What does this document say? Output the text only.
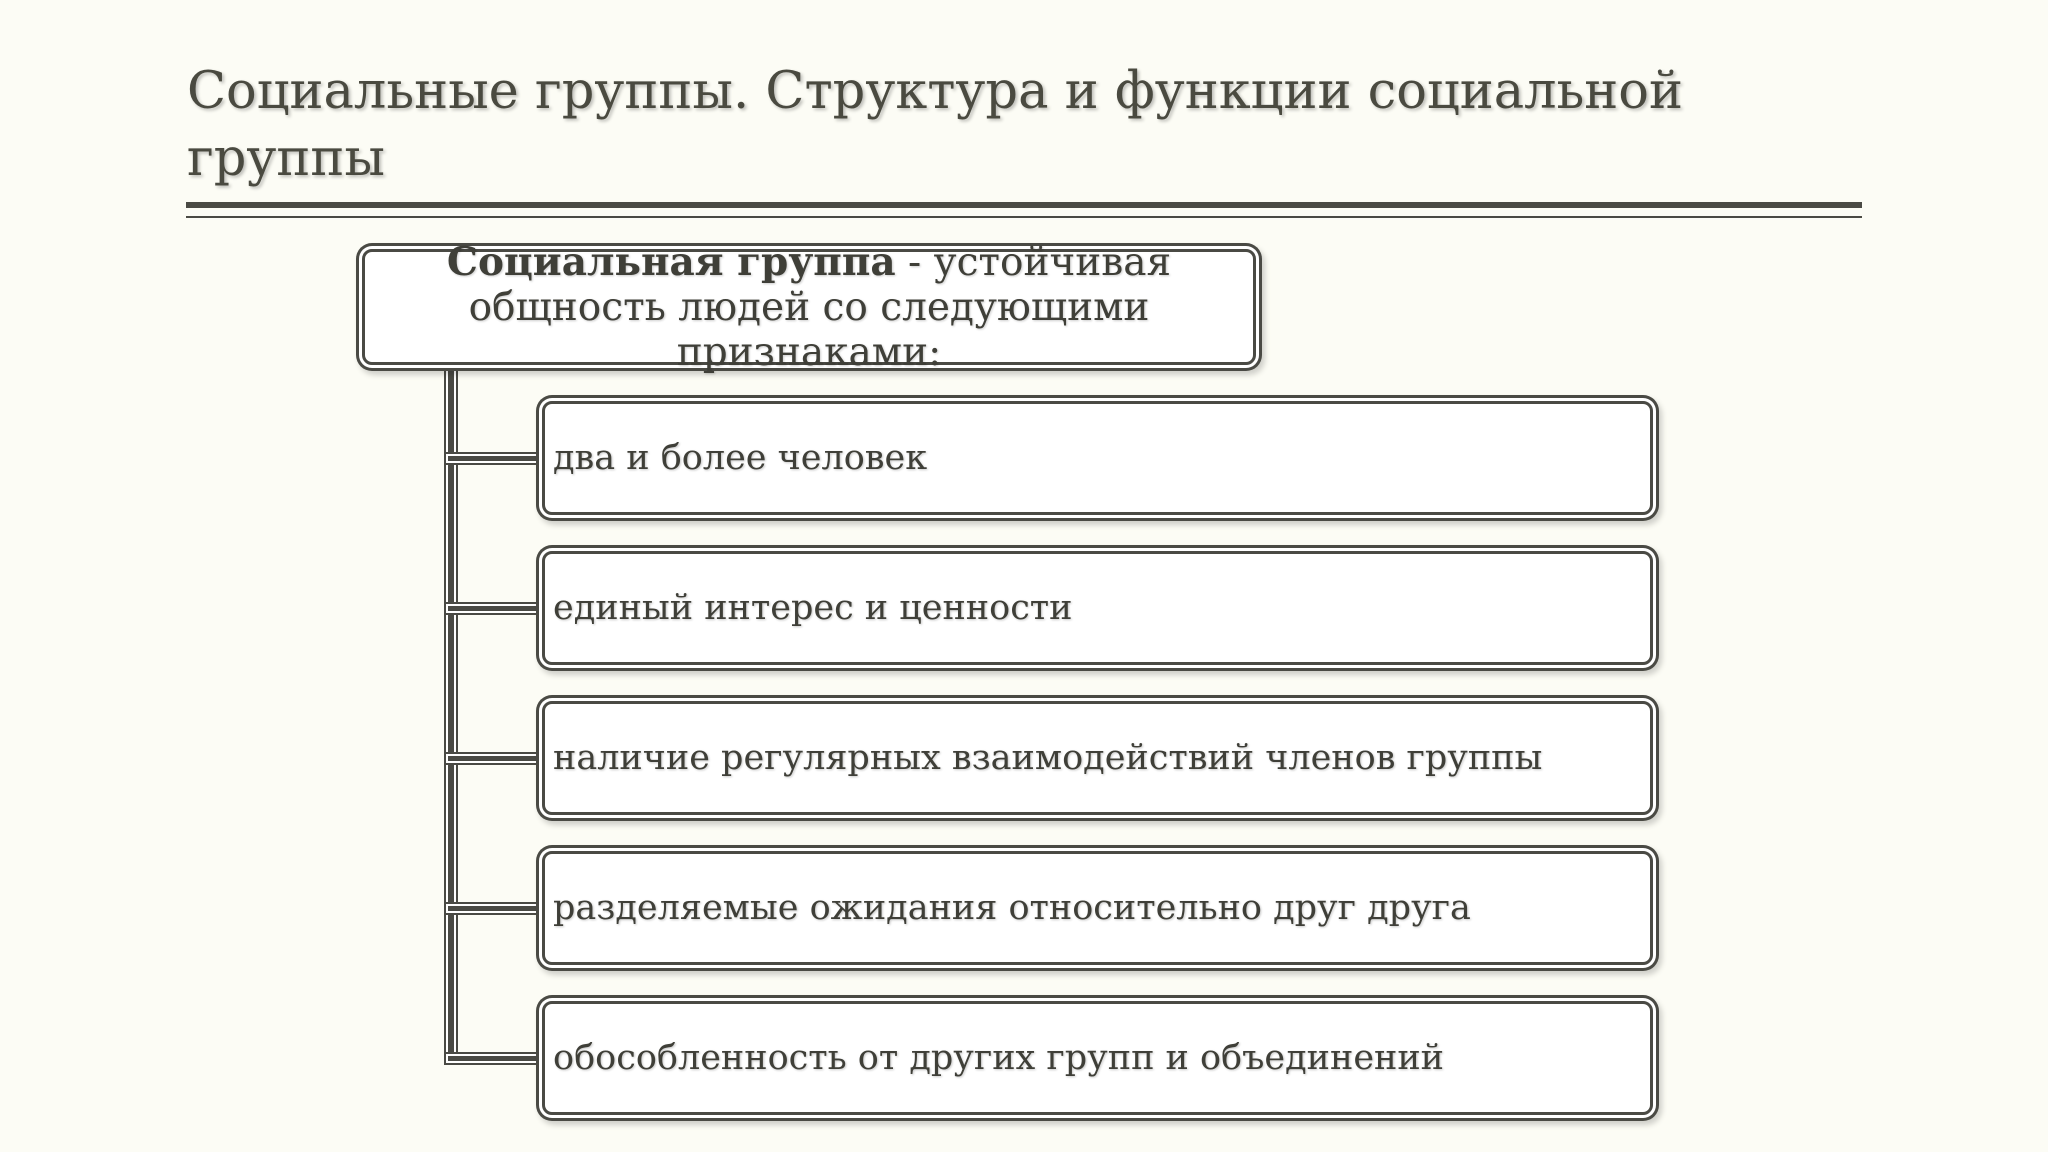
Социальные группы. Структура и функции социальной группы
Социальная группа - устойчивая общность людей со следующими признаками:
два и более человек
единый интерес и ценности
наличие регулярных взаимодействий членов группы
разделяемые ожидания относительно друг друга
обособленность от других групп и объединений
